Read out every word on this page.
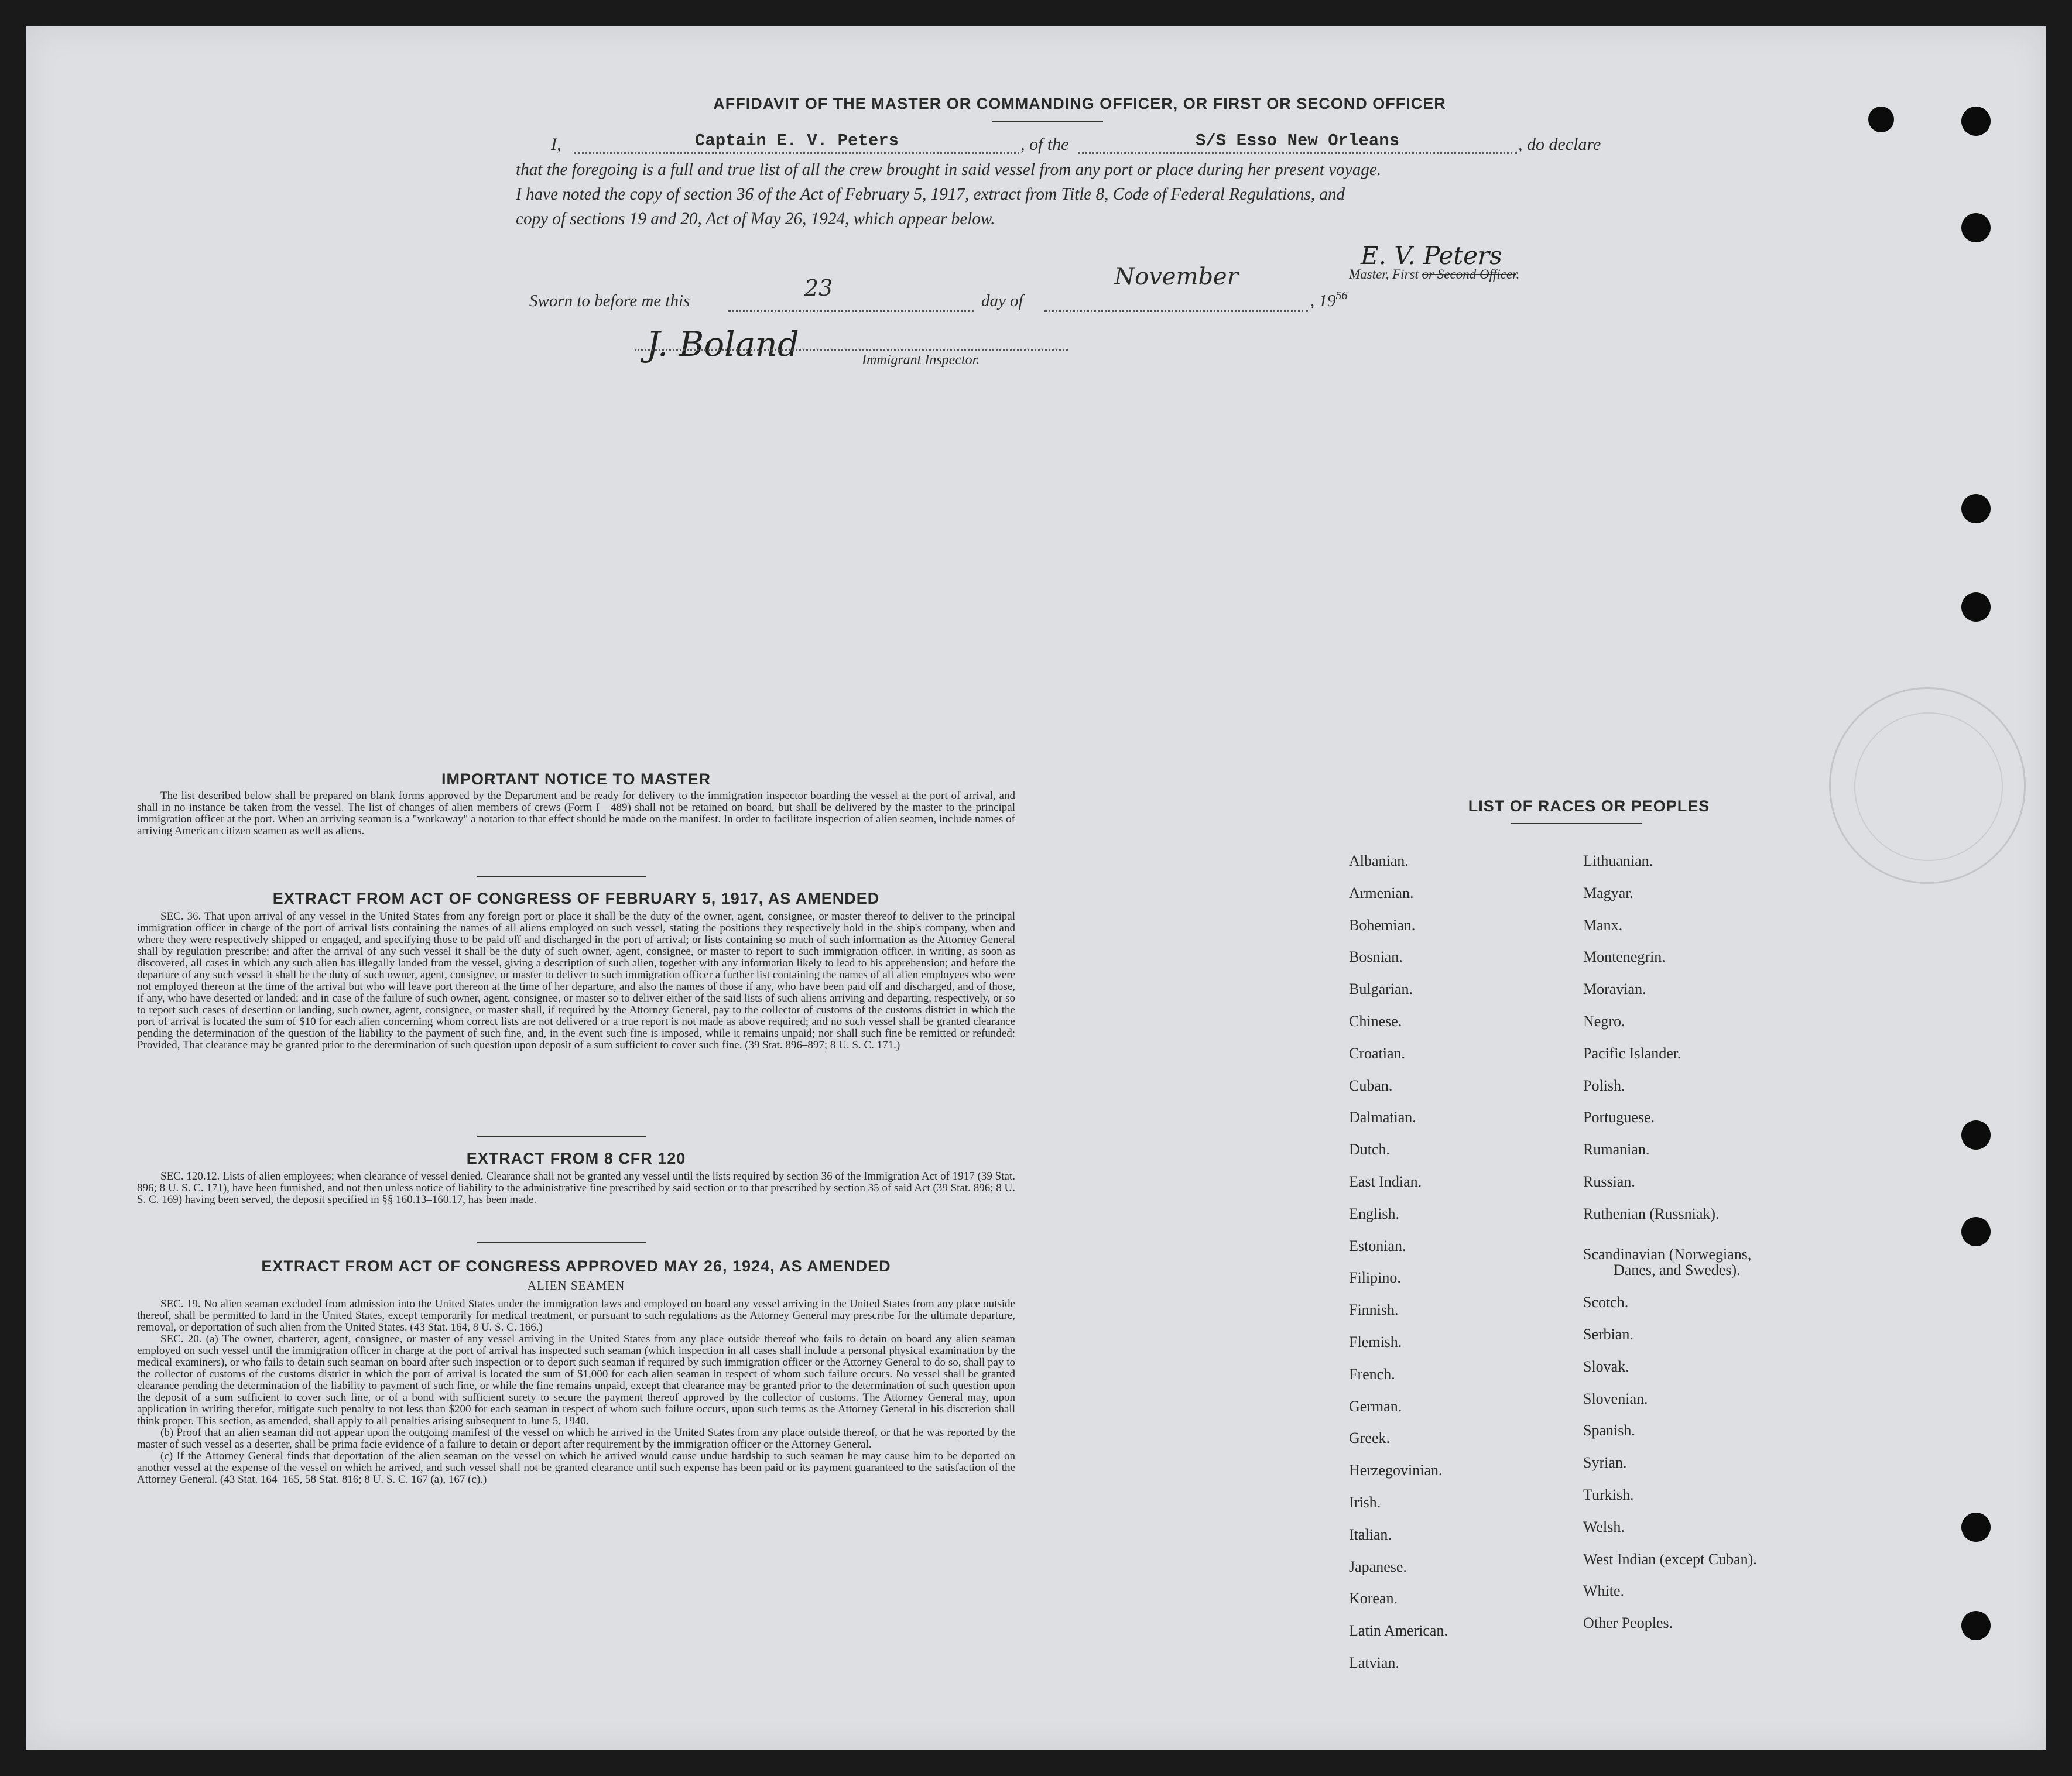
AFFIDAVIT OF THE MASTER OR COMMANDING OFFICER, OR FIRST OR SECOND OFFICER
I,	Captain E. V. Peters	, of the	S/S Esso New Orleans	, do declare
that the foregoing is a full and true list of all the crew brought in said vessel from any port or place during her present voyage.
I have noted the copy of section 36 of the Act of February 5, 1917, extract from Title 8, Code of Federal Regulations, and
copy of sections 19 and 20, Act of May 26, 1924, which appear below.
E. V. Peters
Master, First or Second Officer.
Sworn to before me this	23	day of
November
, $19^{56}$
J. Boland	Immigrant Inspector.
IMPORTANT NOTICE TO MASTER
The list described below shall be prepared on blank forms approved by the Department and be ready for delivery to the immigration inspector boarding the vessel at the port of arrival, and shall in no instance be taken from the vessel. The list of changes of alien members of crews (Form I—489) shall not be retained on board, but shall be delivered by the master to the principal immigration officer at the port. When an arriving seaman is a "workaway" a notation to that effect should be made on the manifest. In order to facilitate inspection of alien seamen, include names of arriving American citizen seamen as well as aliens.
EXTRACT FROM ACT OF CONGRESS OF FEBRUARY 5, 1917, AS AMENDED
SEC. 36. That upon arrival of any vessel in the United States from any foreign port or place it shall be the duty of the owner, agent, consignee, or master thereof to deliver to the principal immigration officer in charge of the port of arrival lists containing the names of all aliens employed on such vessel, stating the positions they respectively hold in the ship's company, when and where they were respectively shipped or engaged, and specifying those to be paid off and discharged in the port of arrival; or lists containing so much of such information as the Attorney General shall by regulation prescribe; and after the arrival of any such vessel it shall be the duty of such owner, agent, consignee, or master to report to such immigration officer, in writing, as soon as discovered, all cases in which any such alien has illegally landed from the vessel, giving a description of such alien, together with any information likely to lead to his apprehension; and before the departure of any such vessel it shall be the duty of such owner, agent, consignee, or master to deliver to such immigration officer a further list containing the names of all alien employees who were not employed thereon at the time of the arrival but who will leave port thereon at the time of her departure, and also the names of those if any, who have been paid off and discharged, and of those, if any, who have deserted or landed; and in case of the failure of such owner, agent, consignee, or master so to deliver either of the said lists of such aliens arriving and departing, respectively, or so to report such cases of desertion or landing, such owner, agent, consignee, or master shall, if required by the Attorney General, pay to the collector of customs of the customs district in which the port of arrival is located the sum of $10 for each alien concerning whom correct lists are not delivered or a true report is not made as above required; and no such vessel shall be granted clearance pending the determination of the question of the liability to the payment of such fine, and, in the event such fine is imposed, while it remains unpaid; nor shall such fine be remitted or refunded: Provided, That clearance may be granted prior to the determination of such question upon deposit of a sum sufficient to cover such fine. (39 Stat. 896–897; 8 U. S. C. 171.)
EXTRACT FROM 8 CFR 120
SEC. 120.12. Lists of alien employees; when clearance of vessel denied. Clearance shall not be granted any vessel until the lists required by section 36 of the Immigration Act of 1917 (39 Stat. 896; 8 U. S. C. 171), have been furnished, and not then unless notice of liability to the administrative fine prescribed by said section or to that prescribed by section 35 of said Act (39 Stat. 896; 8 U. S. C. 169) having been served, the deposit specified in §§ 160.13–160.17, has been made.
EXTRACT FROM ACT OF CONGRESS APPROVED MAY 26, 1924, AS AMENDED
ALIEN SEAMEN

SEC. 19. No alien seaman excluded from admission into the United States under the immigration laws and employed on board any vessel arriving in the United States from any place outside thereof, shall be permitted to land in the United States, except temporarily for medical treatment, or pursuant to such regulations as the Attorney General may prescribe for the ultimate departure, removal, or deportation of such alien from the United States. (43 Stat. 164, 8 U. S. C. 166.)

SEC. 20. (a) The owner, charterer, agent, consignee, or master of any vessel arriving in the United States from any place outside thereof who fails to detain on board any alien seaman employed on such vessel until the immigration officer in charge at the port of arrival has inspected such seaman (which inspection in all cases shall include a personal physical examination by the medical examiners), or who fails to detain such seaman on board after such inspection or to deport such seaman if required by such immigration officer or the Attorney General to do so, shall pay to the collector of customs of the customs district in which the port of arrival is located the sum of $1,000 for each alien seaman in respect of whom such failure occurs. No vessel shall be granted clearance pending the determination of the liability to payment of such fine, or while the fine remains unpaid, except that clearance may be granted prior to the determination of such question upon the deposit of a sum sufficient to cover such fine, or of a bond with sufficient surety to secure the payment thereof approved by the collector of customs. The Attorney General may, upon application in writing therefor, mitigate such penalty to not less than $200 for each seaman in respect of whom such failure occurs, upon such terms as the Attorney General in his discretion shall think proper. This section, as amended, shall apply to all penalties arising subsequent to June 5, 1940.

(b) Proof that an alien seaman did not appear upon the outgoing manifest of the vessel on which he arrived in the United States from any place outside thereof, or that he was reported by the master of such vessel as a deserter, shall be prima facie evidence of a failure to detain or deport after requirement by the immigration officer or the Attorney General.

(c) If the Attorney General finds that deportation of the alien seaman on the vessel on which he arrived would cause undue hardship to such seaman he may cause him to be deported on another vessel at the expense of the vessel on which he arrived, and such vessel shall not be granted clearance until such expense has been paid or its payment guaranteed to the satisfaction of the Attorney General. (43 Stat. 164–165, 58 Stat. 816; 8 U. S. C. 167 (a), 167 (c).)

LIST OF RACES OR PEOPLES
Albanian.
Armenian.
Bohemian.
Bosnian.
Bulgarian.
Chinese.
Croatian.
Cuban.
Dalmatian.
Dutch.
East Indian.
English.
Estonian.
Filipino.
Finnish.
Flemish.
French.
German.
Greek.
Herzegovinian.
Irish.
Italian.
Japanese.
Korean.
Latin American.
Latvian.
Lithuanian.
Magyar.
Manx.
Montenegrin.
Moravian.
Negro.
Pacific Islander.
Polish.
Portuguese.
Rumanian.
Russian.
Ruthenian (Russniak).
Scandinavian (Norwegians,
Danes, and Swedes).
Scotch.
Serbian.
Slovak.
Slovenian.
Spanish.
Syrian.
Turkish.
Welsh.
West Indian (except Cuban).
White.
Other Peoples.
